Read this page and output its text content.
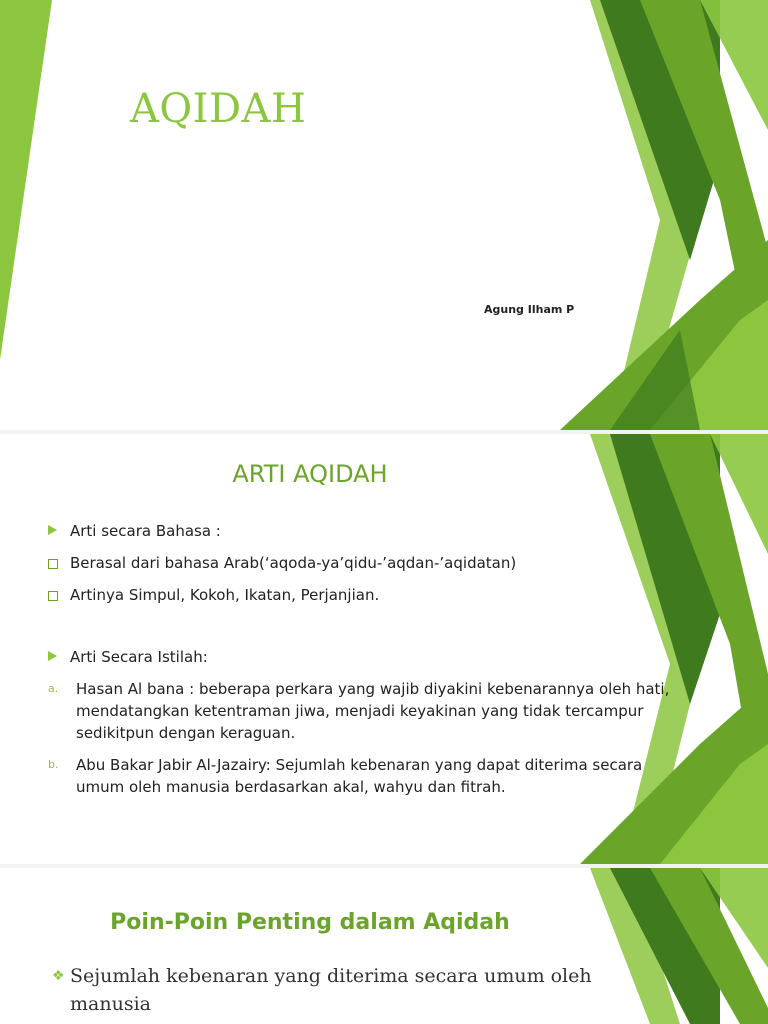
AQIDAH
Agung Ilham P
ARTI AQIDAH
Arti secara Bahasa :
Berasal dari bahasa Arab(‘aqoda-ya’qidu-’aqdan-’aqidatan)
Artinya Simpul, Kokoh, Ikatan, Perjanjian.
Arti Secara Istilah:
a.	Hasan Al bana : beberapa perkara yang wajib diyakini kebenarannya oleh hati, mendatangkan ketentraman jiwa, menjadi keyakinan yang tidak tercampur sedikitpun dengan keraguan.
b.	Abu Bakar Jabir Al-Jazairy: Sejumlah kebenaran yang dapat diterima secara umum oleh manusia berdasarkan akal, wahyu dan fitrah.
Poin-Poin Penting dalam Aqidah
❖ Sejumlah kebenaran yang diterima secara umum oleh manusia
